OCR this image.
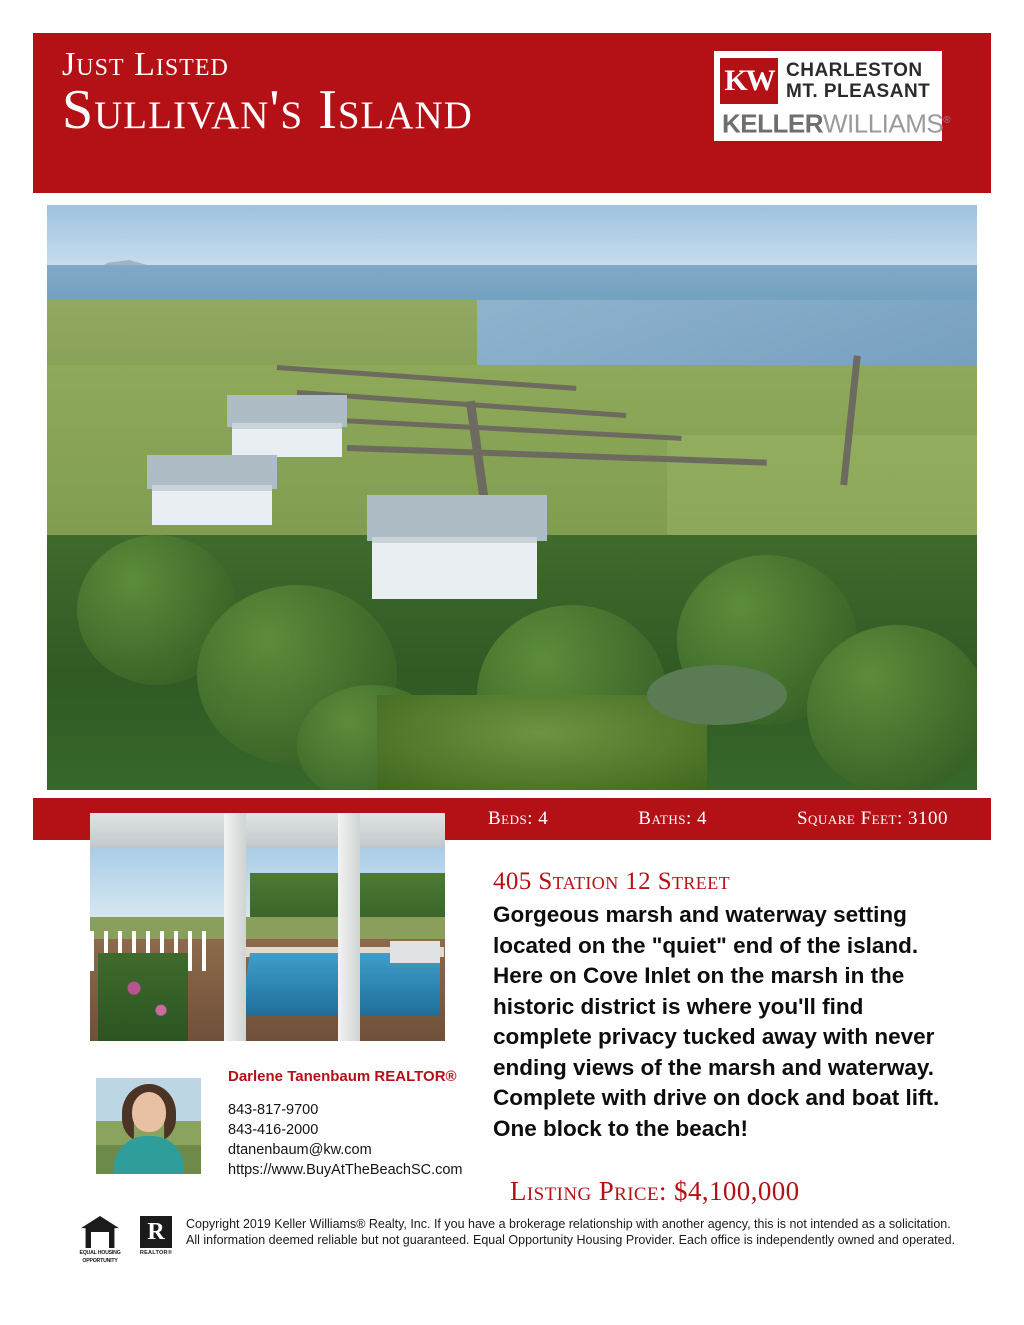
Just Listed
Sullivan's Island	KW CHARLESTON
MT. PLEASANT
KELLERWILLIAMS®
Beds: 4	Baths: 4	Square Feet: 3100
Darlene Tanenbaum REALTOR®
843-817-9700
843-416-2000
dtanenbaum@kw.com
https://www.BuyAtTheBeachSC.com
405 Station 12 Street
Gorgeous marsh and waterway setting located on the "quiet" end of the island. Here on Cove Inlet on the marsh in the historic district is where you'll find complete privacy tucked away with never ending views of the marsh and waterway. Complete with drive on dock and boat lift. One block to the beach!
Listing Price: $4,100,000
EQUAL HOUSING
OPPORTUNITY
R
REALTOR®
Copyright 2019 Keller Williams® Realty, Inc. If you have a brokerage relationship with another agency, this is not intended as a solicitation.
All information deemed reliable but not guaranteed. Equal Opportunity Housing Provider. Each office is independently owned and operated.
